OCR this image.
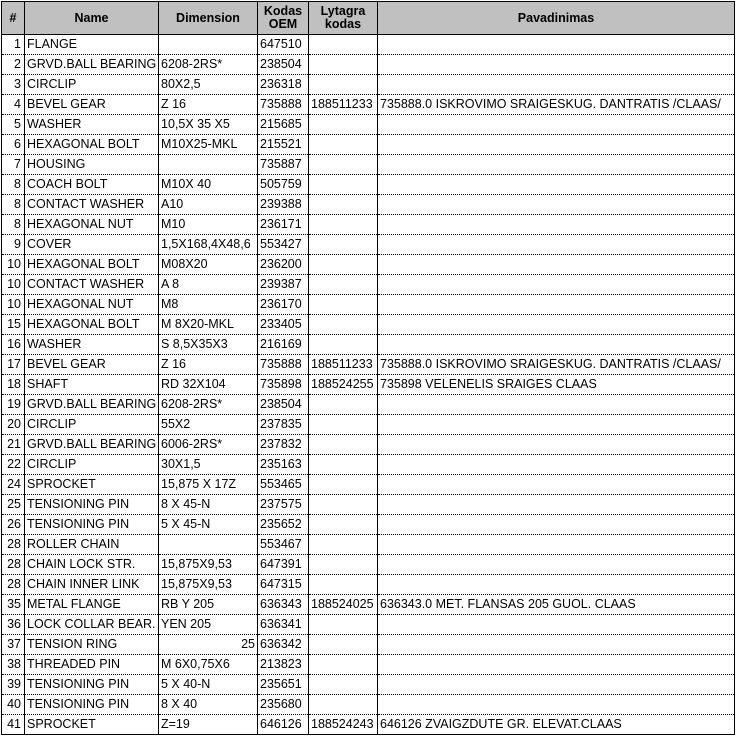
#	Name	Dimension	Kodas OEM	Lytagra kodas	Pavadinimas
1	FLANGE		647510		
2	GRVD.BALL BEARING	6208-2RS*	238504		
3	CIRCLIP	80X2,5	236318		
4	BEVEL GEAR	Z 16	735888	188511233	735888.0 ISKROVIMO SRAIGESKUG. DANTRATIS /CLAAS/
5	WASHER	10,5X 35 X5	215685		
6	HEXAGONAL BOLT	M10X25-MKL	215521		
7	HOUSING		735887		
8	COACH BOLT	M10X 40	505759		
8	CONTACT WASHER	A10	239388		
8	HEXAGONAL NUT	M10	236171		
9	COVER	1,5X168,4X48,6	553427		
10	HEXAGONAL BOLT	M08X20	236200		
10	CONTACT WASHER	A 8	239387		
10	HEXAGONAL NUT	M8	236170		
15	HEXAGONAL BOLT	M 8X20-MKL	233405		
16	WASHER	S 8,5X35X3	216169		
17	BEVEL GEAR	Z 16	735888	188511233	735888.0 ISKROVIMO SRAIGESKUG. DANTRATIS /CLAAS/
18	SHAFT	RD 32X104	735898	188524255	735898 VELENELIS SRAIGES CLAAS
19	GRVD.BALL BEARING	6208-2RS*	238504		
20	CIRCLIP	55X2	237835		
21	GRVD.BALL BEARING	6006-2RS*	237832		
22	CIRCLIP	30X1,5	235163		
24	SPROCKET	15,875 X 17Z	553465		
25	TENSIONING PIN	8 X 45-N	237575		
26	TENSIONING PIN	5 X 45-N	235652		
28	ROLLER CHAIN		553467		
28	CHAIN LOCK STR.	15,875X9,53	647391		
28	CHAIN INNER LINK	15,875X9,53	647315		
35	METAL FLANGE	RB Y 205	636343	188524025	636343.0 MET. FLANSAS 205 GUOL. CLAAS
36	LOCK COLLAR BEAR.	YEN 205	636341		
37	TENSION RING	25	636342		
38	THREADED PIN	M 6X0,75X6	213823		
39	TENSIONING PIN	5 X 40-N	235651		
40	TENSIONING PIN	8 X 40	235680		
41	SPROCKET	Z=19	646126	188524243	646126 ZVAIGZDUTE GR. ELEVAT.CLAAS
